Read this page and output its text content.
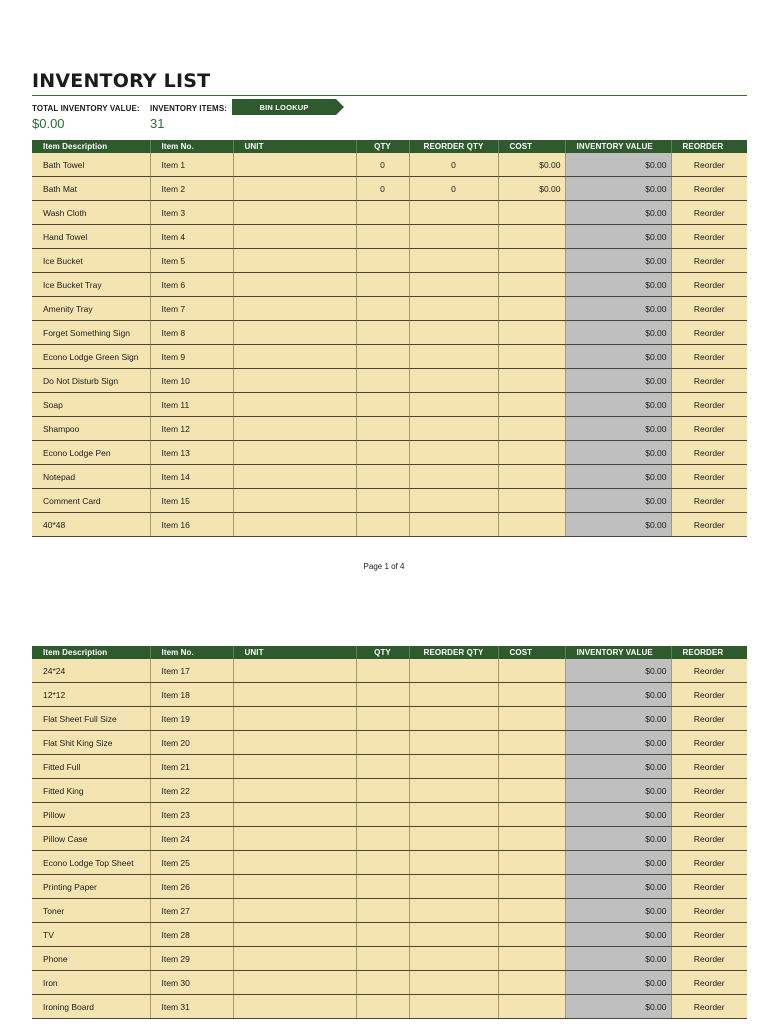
INVENTORY LIST
TOTAL INVENTORY VALUE:
$0.00
INVENTORY ITEMS:
31
BIN LOOKUP
Item Description	Item No.	UNIT	QTY	REORDER QTY	COST	INVENTORY VALUE	REORDER
Bath Towel	Item 1		0	0	$0.00	$0.00	Reorder
Bath Mat	Item 2		0	0	$0.00	$0.00	Reorder
Wash Cloth	Item 3					$0.00	Reorder
Hand Towel	Item 4					$0.00	Reorder
Ice Bucket	Item 5					$0.00	Reorder
Ice Bucket Tray	Item 6					$0.00	Reorder
Amenity Tray	Item 7					$0.00	Reorder
Forget Something Sign	Item 8					$0.00	Reorder
Econo Lodge Green Sign	Item 9					$0.00	Reorder
Do Not Disturb Sign	Item 10					$0.00	Reorder
Soap	Item 11					$0.00	Reorder
Shampoo	Item 12					$0.00	Reorder
Econo Lodge Pen	Item 13					$0.00	Reorder
Notepad	Item 14					$0.00	Reorder
Comment Card	Item 15					$0.00	Reorder
40*48	Item 16					$0.00	Reorder
Page 1 of 4
Item Description	Item No.	UNIT	QTY	REORDER QTY	COST	INVENTORY VALUE	REORDER
24*24	Item 17					$0.00	Reorder
12*12	Item 18					$0.00	Reorder
Flat Sheet Full Size	Item 19					$0.00	Reorder
Flat Shit King Size	Item 20					$0.00	Reorder
Fitted Full	Item 21					$0.00	Reorder
Fitted King	Item 22					$0.00	Reorder
Pillow	Item 23					$0.00	Reorder
Pillow Case	Item 24					$0.00	Reorder
Econo Lodge Top Sheet	Item 25					$0.00	Reorder
Printing Paper	Item 26					$0.00	Reorder
Toner	Item 27					$0.00	Reorder
TV	Item 28					$0.00	Reorder
Phone	Item 29					$0.00	Reorder
Iron	Item 30					$0.00	Reorder
Ironing Board	Item 31					$0.00	Reorder
